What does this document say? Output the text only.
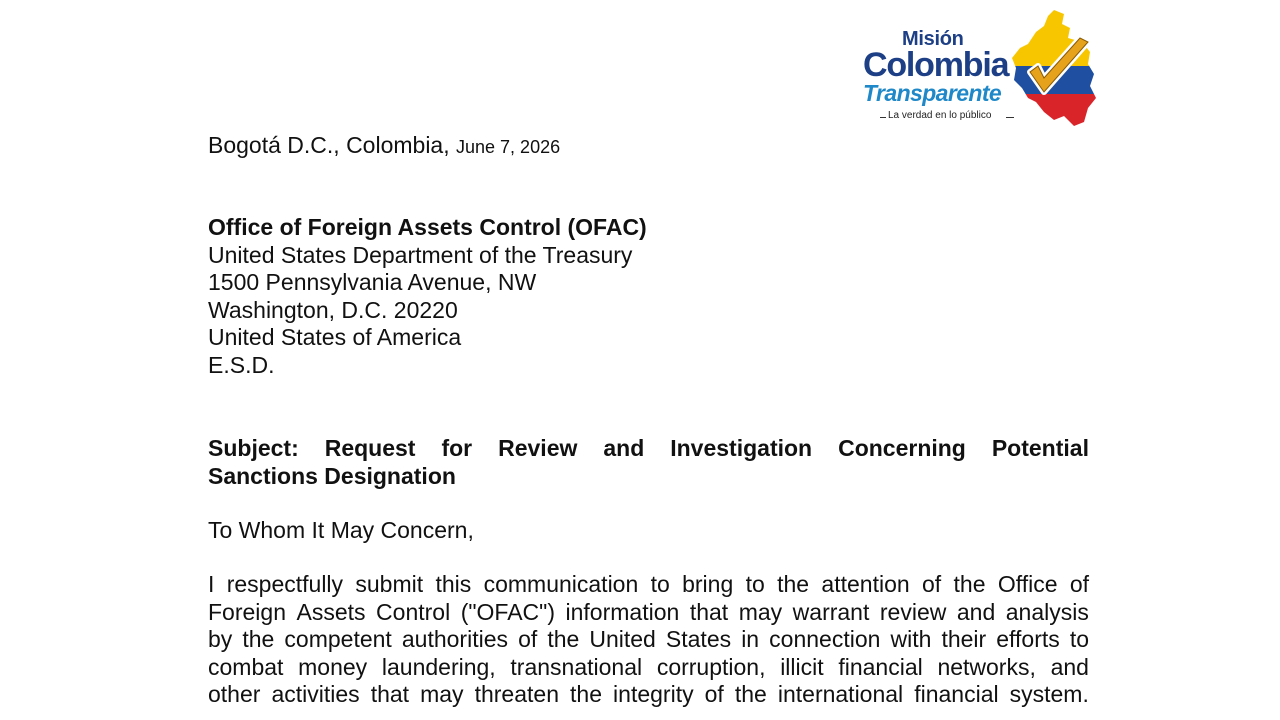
Misión
Colombia
Transparente
La verdad en lo público
Bogotá D.C., Colombia, June 7, 2026
Office of Foreign Assets Control (OFAC)
United States Department of the Treasury
1500 Pennsylvania Avenue, NW
Washington, D.C. 20220
United States of America
E.S.D.
Subject: Request for Review and Investigation Concerning Potential
Sanctions Designation
To Whom It May Concern,
I respectfully submit this communication to bring to the attention of the Office of
Foreign Assets Control ("OFAC") information that may warrant review and analysis
by the competent authorities of the United States in connection with their efforts to
combat money laundering, transnational corruption, illicit financial networks, and
other activities that may threaten the integrity of the international financial system.
